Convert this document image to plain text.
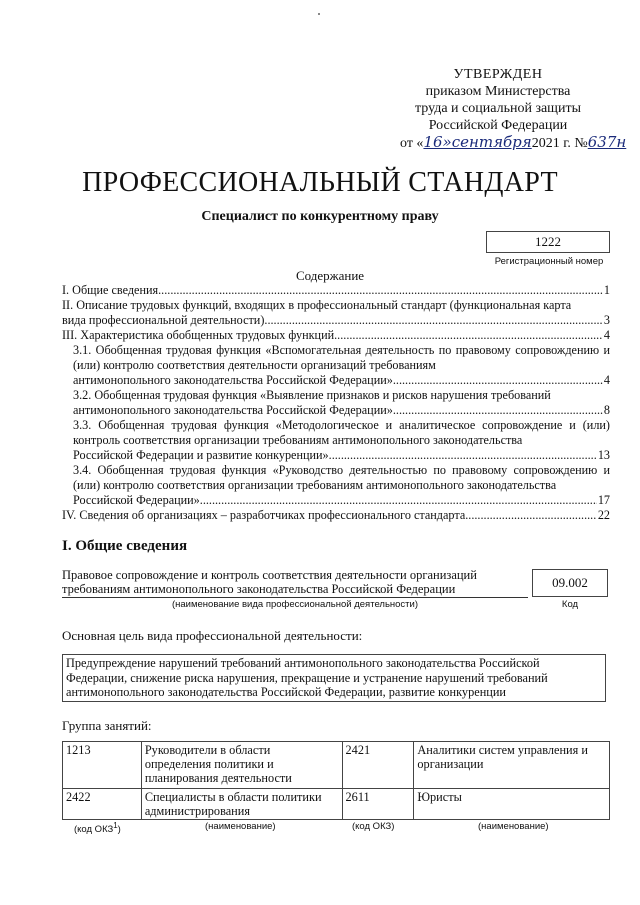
УТВЕРЖДЕН
приказом Министерства
труда и социальной защиты
Российской Федерации
от «16»сентября2021 г. №637н
ПРОФЕССИОНАЛЬНЫЙ СТАНДАРТ
Специалист по конкурентному праву
1222
Регистрационный номер
Содержание
I. Общие сведения .....	1
II. Описание трудовых функций, входящих в профессиональный стандарт (функциональная карта
вида профессиональной деятельности) .....	3
III. Характеристика обобщенных трудовых функций .....	4
3.1. Обобщенная трудовая функция «Вспомогательная деятельность по правовому сопровождению и (или) контролю соответствия деятельности организаций требованиям
антимонопольного законодательства Российской Федерации» .....	4
3.2. Обобщенная трудовая функция «Выявление признаков и рисков нарушения требований
антимонопольного законодательства Российской Федерации» .....	8
3.3. Обобщенная трудовая функция «Методологическое и аналитическое сопровождение и (или) контроль соответствия организации требованиям антимонопольного законодательства
Российской Федерации и развитие конкуренции» .....	13
3.4. Обобщенная трудовая функция «Руководство деятельностью по правовому сопровождению и (или) контролю соответствия организации требованиям антимонопольного законодательства
Российской Федерации» .....	17
IV. Сведения об организациях – разработчиках профессионального стандарта .....	22
I. Общие сведения
Правовое сопровождение и контроль соответствия деятельности организаций требованиям антимонопольного законодательства Российской Федерации
(наименование вида профессиональной деятельности)
09.002
Код
Основная цель вида профессиональной деятельности:
Предупреждение нарушений требований антимонопольного законодательства Российской Федерации, снижение риска нарушения, прекращение и устранение нарушений требований антимонопольного законодательства Российской Федерации, развитие конкуренции
Группа занятий:
1213	Руководители в области определения политики и планирования деятельности	2421	Аналитики систем управления и организации
2422	Специалисты в области политики администрирования	2611	Юристы
(код ОКЗ$^1$)	(наименование)	(код ОКЗ)	(наименование)
